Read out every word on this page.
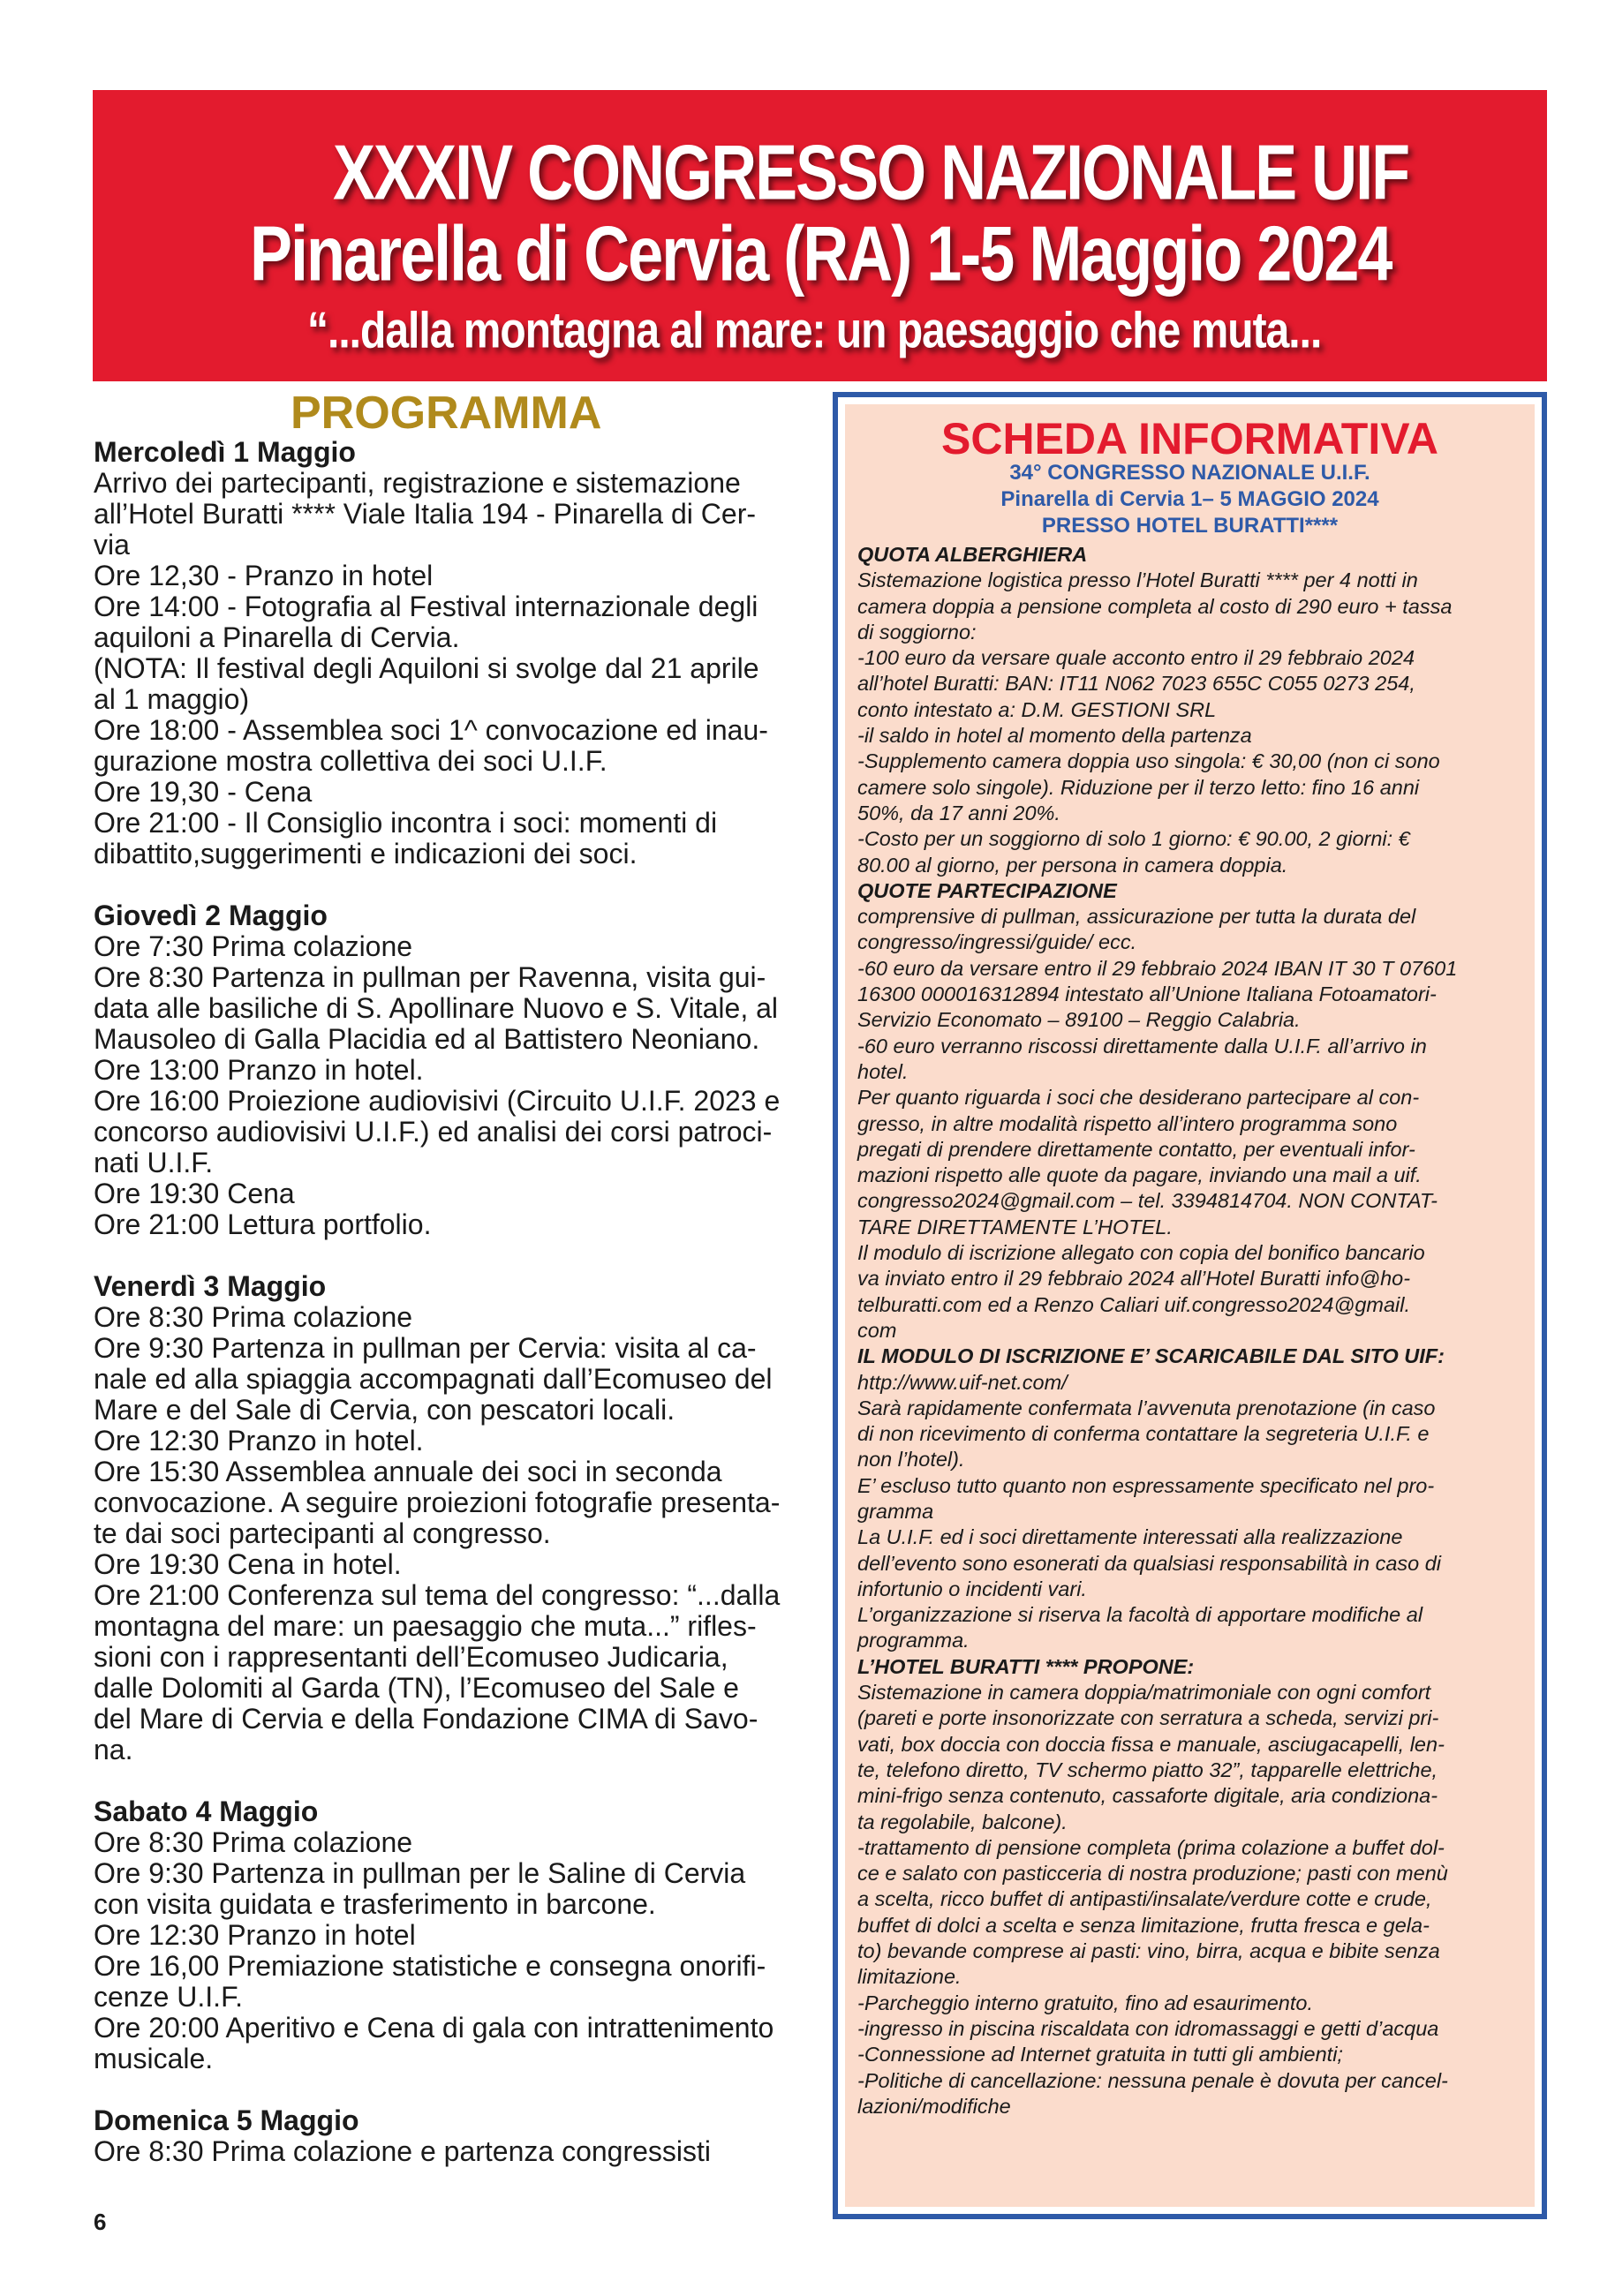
XXXIV CONGRESSO NAZIONALE UIF
Pinarella di Cervia (RA) 1-5 Maggio 2024
“...dalla montagna al mare: un paesaggio che muta...
PROGRAMMA
Mercoledì 1 Maggio
Arrivo dei partecipanti, registrazione e sistemazione
all’Hotel Buratti **** Viale Italia 194 - Pinarella di Cer-
via
Ore 12,30 - Pranzo in hotel
Ore 14:00 - Fotografia al Festival internazionale degli
aquiloni a Pinarella di Cervia.
(NOTA: Il festival degli Aquiloni si svolge dal 21 aprile
al 1 maggio)
Ore 18:00 - Assemblea soci 1^ convocazione ed inau-
gurazione mostra collettiva dei soci U.I.F.
Ore 19,30 - Cena
Ore 21:00 - Il Consiglio incontra i soci: momenti di
dibattito,suggerimenti e indicazioni dei soci.
Giovedì 2 Maggio
Ore 7:30 Prima colazione
Ore 8:30 Partenza in pullman per Ravenna, visita gui-
data alle basiliche di S. Apollinare Nuovo e S. Vitale, al
Mausoleo di Galla Placidia ed al Battistero Neoniano.
Ore 13:00 Pranzo in hotel.
Ore 16:00 Proiezione audiovisivi (Circuito U.I.F. 2023 e
concorso audiovisivi U.I.F.) ed analisi dei corsi patroci-
nati U.I.F.
Ore 19:30 Cena
Ore 21:00 Lettura portfolio.
Venerdì 3 Maggio
Ore 8:30 Prima colazione
Ore 9:30 Partenza in pullman per Cervia: visita al ca-
nale ed alla spiaggia accompagnati dall’Ecomuseo del
Mare e del Sale di Cervia, con pescatori locali.
Ore 12:30 Pranzo in hotel.
Ore 15:30 Assemblea annuale dei soci in seconda
convocazione. A seguire proiezioni fotografie presenta-
te dai soci partecipanti al congresso.
Ore 19:30 Cena in hotel.
Ore 21:00 Conferenza sul tema del congresso: “...dalla
montagna del mare: un paesaggio che muta...” rifles-
sioni con i rappresentanti dell’Ecomuseo Judicaria,
dalle Dolomiti al Garda (TN), l’Ecomuseo del Sale e
del Mare di Cervia e della Fondazione CIMA di Savo-
na.
Sabato 4 Maggio
Ore 8:30 Prima colazione
Ore 9:30 Partenza in pullman per le Saline di Cervia
con visita guidata e trasferimento in barcone.
Ore 12:30 Pranzo in hotel
Ore 16,00 Premiazione statistiche e consegna onorifi-
cenze U.I.F.
Ore 20:00 Aperitivo e Cena di gala con intrattenimento
musicale.
Domenica 5 Maggio
Ore 8:30 Prima colazione e partenza congressisti
SCHEDA INFORMATIVA
34° CONGRESSO NAZIONALE U.I.F.
Pinarella di Cervia 1– 5 MAGGIO 2024
PRESSO HOTEL BURATTI****
QUOTA ALBERGHIERA
Sistemazione logistica presso l’Hotel Buratti **** per 4 notti in
camera doppia a pensione completa al costo di 290 euro + tassa
di soggiorno:
-100 euro da versare quale acconto entro il 29 febbraio 2024
all’hotel Buratti: BAN: IT11 N062 7023 655C C055 0273 254,
conto intestato a: D.M. GESTIONI SRL
-il saldo in hotel al momento della partenza
-Supplemento camera doppia uso singola: € 30,00 (non ci sono
camere solo singole). Riduzione per il terzo letto: fino 16 anni
50%, da 17 anni 20%.
-Costo per un soggiorno di solo 1 giorno: € 90.00, 2 giorni: €
80.00 al giorno, per persona in camera doppia.
QUOTE PARTECIPAZIONE
comprensive di pullman, assicurazione per tutta la durata del
congresso/ingressi/guide/ ecc.
-60 euro da versare entro il 29 febbraio 2024 IBAN IT 30 T 07601
16300 000016312894 intestato all’Unione Italiana Fotoamatori-
Servizio Economato – 89100 – Reggio Calabria.
-60 euro verranno riscossi direttamente dalla U.I.F. all’arrivo in
hotel.
Per quanto riguarda i soci che desiderano partecipare al con-
gresso, in altre modalità rispetto all’intero programma sono
pregati di prendere direttamente contatto, per eventuali infor-
mazioni rispetto alle quote da pagare, inviando una mail a uif.
congresso2024@gmail.com – tel. 3394814704. NON CONTAT-
TARE DIRETTAMENTE L’HOTEL.
Il modulo di iscrizione allegato con copia del bonifico bancario
va inviato entro il 29 febbraio 2024 all’Hotel Buratti info@ho-
telburatti.com ed a Renzo Caliari uif.congresso2024@gmail.
com
IL MODULO DI ISCRIZIONE E’ SCARICABILE DAL SITO UIF:
http://www.uif-net.com/
Sarà rapidamente confermata l’avvenuta prenotazione (in caso
di non ricevimento di conferma contattare la segreteria U.I.F. e
non l’hotel).
E’ escluso tutto quanto non espressamente specificato nel pro-
gramma
La U.I.F. ed i soci direttamente interessati alla realizzazione
dell’evento sono esonerati da qualsiasi responsabilità in caso di
infortunio o incidenti vari.
L’organizzazione si riserva la facoltà di apportare modifiche al
programma.
L’HOTEL BURATTI **** PROPONE:
Sistemazione in camera doppia/matrimoniale con ogni comfort
(pareti e porte insonorizzate con serratura a scheda, servizi pri-
vati, box doccia con doccia fissa e manuale, asciugacapelli, len-
te, telefono diretto, TV schermo piatto 32”, tapparelle elettriche,
mini-frigo senza contenuto, cassaforte digitale, aria condiziona-
ta regolabile, balcone).
-trattamento di pensione completa (prima colazione a buffet dol-
ce e salato con pasticceria di nostra produzione; pasti con menù
a scelta, ricco buffet di antipasti/insalate/verdure cotte e crude,
buffet di dolci a scelta e senza limitazione, frutta fresca e gela-
to) bevande comprese ai pasti: vino, birra, acqua e bibite senza
limitazione.
-Parcheggio interno gratuito, fino ad esaurimento.
-ingresso in piscina riscaldata con idromassaggi e getti d’acqua
-Connessione ad Internet gratuita in tutti gli ambienti;
-Politiche di cancellazione: nessuna penale è dovuta per cancel-
lazioni/modifiche
6
